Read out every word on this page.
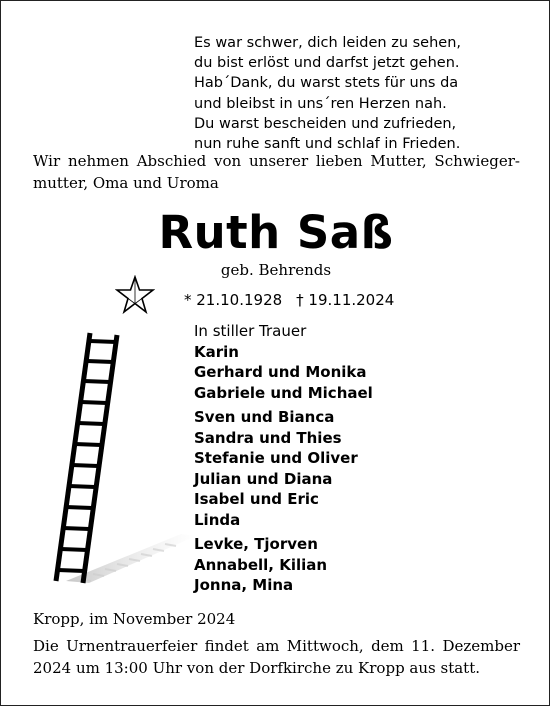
Es war schwer, dich leiden zu sehen,
du bist erlöst und darfst jetzt gehen.
Hab´Dank, du warst stets für uns da
und bleibst in uns´ren Herzen nah.
Du warst bescheiden und zufrieden,
nun ruhe sanft und schlaf in Frieden.
Wir nehmen Abschied von unserer lieben Mutter, Schwieger-mutter, Oma und Uroma
Ruth Saß
geb. Behrends
* 21.10.1928 † 19.11.2024
In stiller Trauer
Karin
Gerhard und Monika
Gabriele und Michael
Sven und Bianca
Sandra und Thies
Stefanie und Oliver
Julian und Diana
Isabel und Eric
Linda
Levke, Tjorven
Annabell, Kilian
Jonna, Mina
Kropp, im November 2024
Die Urnentrauerfeier findet am Mittwoch, dem 11. Dezember 2024 um 13:00 Uhr von der Dorfkirche zu Kropp aus statt.
